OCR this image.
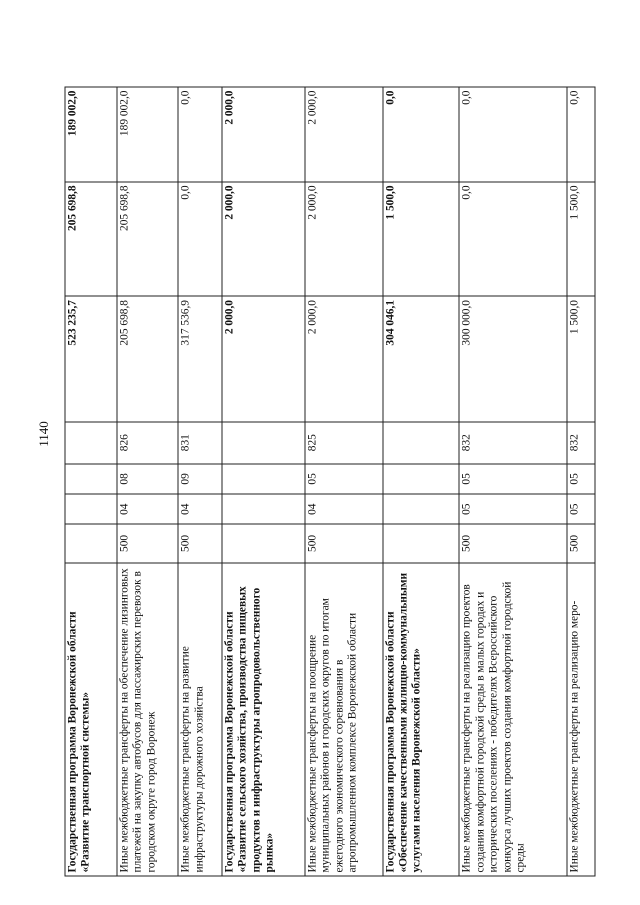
1140
Государственная программа Воронежской области «Развитие транспортной системы»					523 235,7	205 698,8	189 002,0
Иные межбюджетные трансферты на обеспечение лизинговых платежей на закупку автобусов для пассажирских перевозок в городском округе город Воронеж	500	04	08	826	205 698,8	205 698,8	189 002,0
Иные межбюджетные трансферты на развитие инфраструктуры дорожного хозяйства	500	04	09	831	317 536,9	0,0	0,0
Государственная программа Воронежской области «Развитие сельского хозяйства, производства пищевых продуктов и инфраструктуры агропродовольственного рынка»					2 000,0	2 000,0	2 000,0
Иные межбюджетные трансферты на поощрение муниципальных районов и городских округов по итогам ежегодного экономического соревнования в агропромышленном комплексе Воронежской области	500	04	05	825	2 000,0	2 000,0	2 000,0
Государственная программа Воронежской области «Обеспечение качественными жилищно-коммунальными услугами населения Воронежской области»					304 046,1	1 500,0	0,0
Иные межбюджетные трансферты на реализацию проектов создания комфортной городской среды в малых городах и исторических поселениях - победителях Всероссийского конкурса лучших проектов создания комфортной городской среды	500	05	05	832	300 000,0	0,0	0,0
Иные межбюджетные трансферты на реализацию меро-	500	05	05	832	1 500,0	1 500,0	0,0
